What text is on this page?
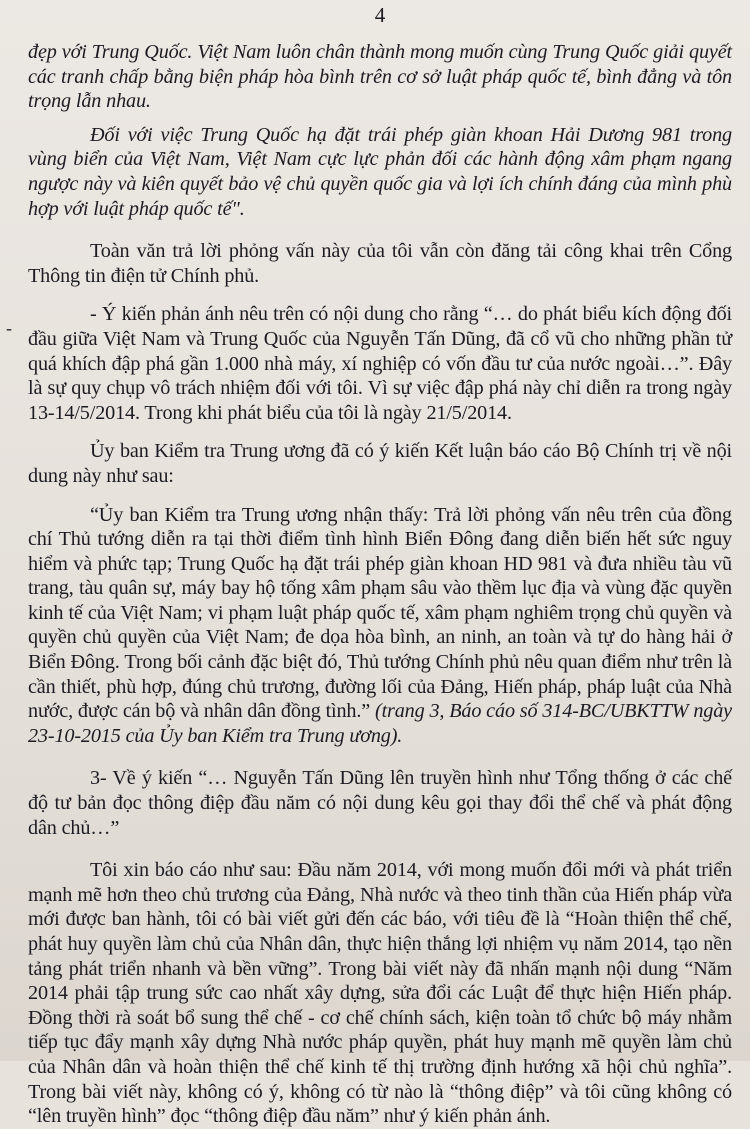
4
-

đẹp với Trung Quốc. Việt Nam luôn chân thành mong muốn cùng Trung Quốc giải quyết các tranh chấp bằng biện pháp hòa bình trên cơ sở luật pháp quốc tế, bình đẳng và tôn trọng lẫn nhau.

Đối với việc Trung Quốc hạ đặt trái phép giàn khoan Hải Dương 981 trong vùng biển của Việt Nam, Việt Nam cực lực phản đối các hành động xâm phạm ngang ngược này và kiên quyết bảo vệ chủ quyền quốc gia và lợi ích chính đáng của mình phù hợp với luật pháp quốc tế".

Toàn văn trả lời phỏng vấn này của tôi vẫn còn đăng tải công khai trên Cổng Thông tin điện tử Chính phủ.

- Ý kiến phản ánh nêu trên có nội dung cho rằng “… do phát biểu kích động đối đầu giữa Việt Nam và Trung Quốc của Nguyễn Tấn Dũng, đã cổ vũ cho những phần tử quá khích đập phá gần 1.000 nhà máy, xí nghiệp có vốn đầu tư của nước ngoài…”. Đây là sự quy chụp vô trách nhiệm đối với tôi. Vì sự việc đập phá này chỉ diễn ra trong ngày 13-14/5/2014. Trong khi phát biểu của tôi là ngày 21/5/2014.

Ủy ban Kiểm tra Trung ương đã có ý kiến Kết luận báo cáo Bộ Chính trị về nội dung này như sau:

“Ủy ban Kiểm tra Trung ương nhận thấy: Trả lời phỏng vấn nêu trên của đồng chí Thủ tướng diễn ra tại thời điểm tình hình Biển Đông đang diễn biến hết sức nguy hiểm và phức tạp; Trung Quốc hạ đặt trái phép giàn khoan HD 981 và đưa nhiều tàu vũ trang, tàu quân sự, máy bay hộ tống xâm phạm sâu vào thềm lục địa và vùng đặc quyền kinh tế của Việt Nam; vi phạm luật pháp quốc tế, xâm phạm nghiêm trọng chủ quyền và quyền chủ quyền của Việt Nam; đe dọa hòa bình, an ninh, an toàn và tự do hàng hải ở Biển Đông. Trong bối cảnh đặc biệt đó, Thủ tướng Chính phủ nêu quan điểm như trên là cần thiết, phù hợp, đúng chủ trương, đường lối của Đảng, Hiến pháp, pháp luật của Nhà nước, được cán bộ và nhân dân đồng tình.” (trang 3, Báo cáo số 314-BC/UBKTTW ngày 23-10-2015 của Ủy ban Kiểm tra Trung ương).

3- Về ý kiến “… Nguyễn Tấn Dũng lên truyền hình như Tổng thống ở các chế độ tư bản đọc thông điệp đầu năm có nội dung kêu gọi thay đổi thể chế và phát động dân chủ…”

Tôi xin báo cáo như sau: Đầu năm 2014, với mong muốn đổi mới và phát triển mạnh mẽ hơn theo chủ trương của Đảng, Nhà nước và theo tinh thần của Hiến pháp vừa mới được ban hành, tôi có bài viết gửi đến các báo, với tiêu đề là “Hoàn thiện thể chế, phát huy quyền làm chủ của Nhân dân, thực hiện thắng lợi nhiệm vụ năm 2014, tạo nền tảng phát triển nhanh và bền vững”. Trong bài viết này đã nhấn mạnh nội dung “Năm 2014 phải tập trung sức cao nhất xây dựng, sửa đổi các Luật để thực hiện Hiến pháp. Đồng thời rà soát bổ sung thể chế - cơ chế chính sách, kiện toàn tổ chức bộ máy nhằm tiếp tục đẩy mạnh xây dựng Nhà nước pháp quyền, phát huy mạnh mẽ quyền làm chủ của Nhân dân và hoàn thiện thể chế kinh tế thị trường định hướng xã hội chủ nghĩa”. Trong bài viết này, không có ý, không có từ nào là “thông điệp” và tôi cũng không có “lên truyền hình” đọc “thông điệp đầu năm” như ý kiến phản ánh.
